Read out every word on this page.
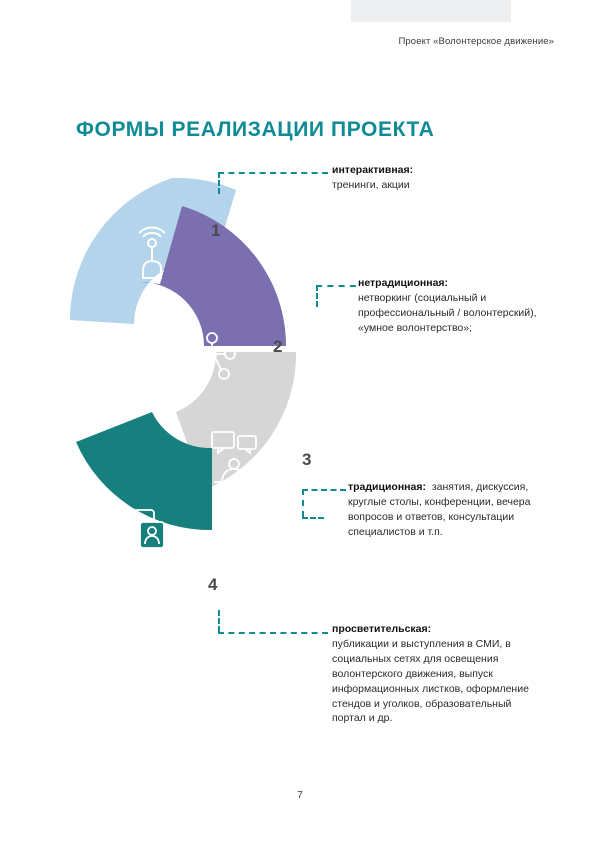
Проект «Волонтерское движение»
ФОРМЫ РЕАЛИЗАЦИИ ПРОЕКТА
1
2
3
4
интерактивная:
тренинги, акции
нетрадиционная:
нетворкинг (социальный и профессиональный / волонтерский), «умное волонтерство»;
традиционная: занятия, дискуссия, круглые столы, конференции, вечера вопросов и ответов, консультации специалистов и т.п.
просветительская:
публикации и выступления в СМИ, в социальных сетях для освещения волонтерского движения, выпуск информационных листков, оформление стендов и уголков, образовательный портал и др.
7
